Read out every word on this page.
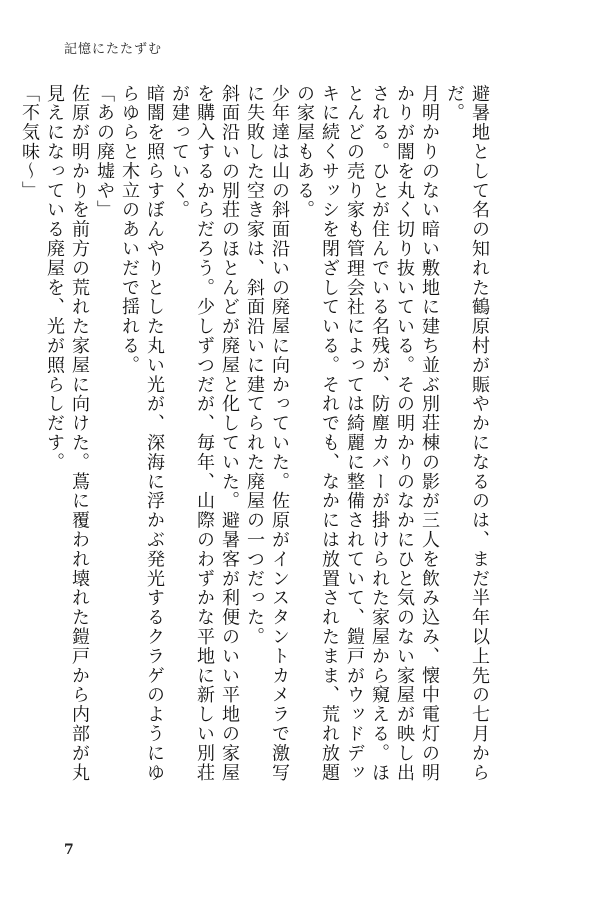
記憶にたたずむ

避暑地として名の知れた鶴原村が賑やかになるのは、まだ半年以上先の七月からだ。

月明かりのない暗い敷地に建ち並ぶ別荘棟の影が三人を飲み込み、懐中電灯の明かりが闇を丸く切り抜いている。その明かりのなかにひと気のない家屋が映し出される。ひとが住んでいる名残が、防塵カバーが掛けられた家屋から窺える。ほとんどの売り家も管理会社によっては綺麗に整備されていて、鎧戸がウッドデッキに続くサッシを閉ざしている。それでも、なかには放置されたまま、荒れ放題の家屋もある。

少年達は山の斜面沿いの廃屋に向かっていた。佐原がインスタントカメラで激写に失敗した空き家は、斜面沿いに建てられた廃屋の一つだった。

斜面沿いの別荘のほとんどが廃屋と化していた。避暑客が利便のいい平地の家屋を購入するからだろう。少しずつだが、毎年、山際のわずかな平地に新しい別荘が建っていく。

暗闇を照らすぼんやりとした丸い光が、深海に浮かぶ発光するクラゲのようにゆらゆらと木立のあいだで揺れる。

「あの廃墟や」

佐原が明かりを前方の荒れた家屋に向けた。蔦に覆われ壊れた鎧戸から内部が丸見えになっている廃屋を、光が照らしだす。

「不気味〜」

7
